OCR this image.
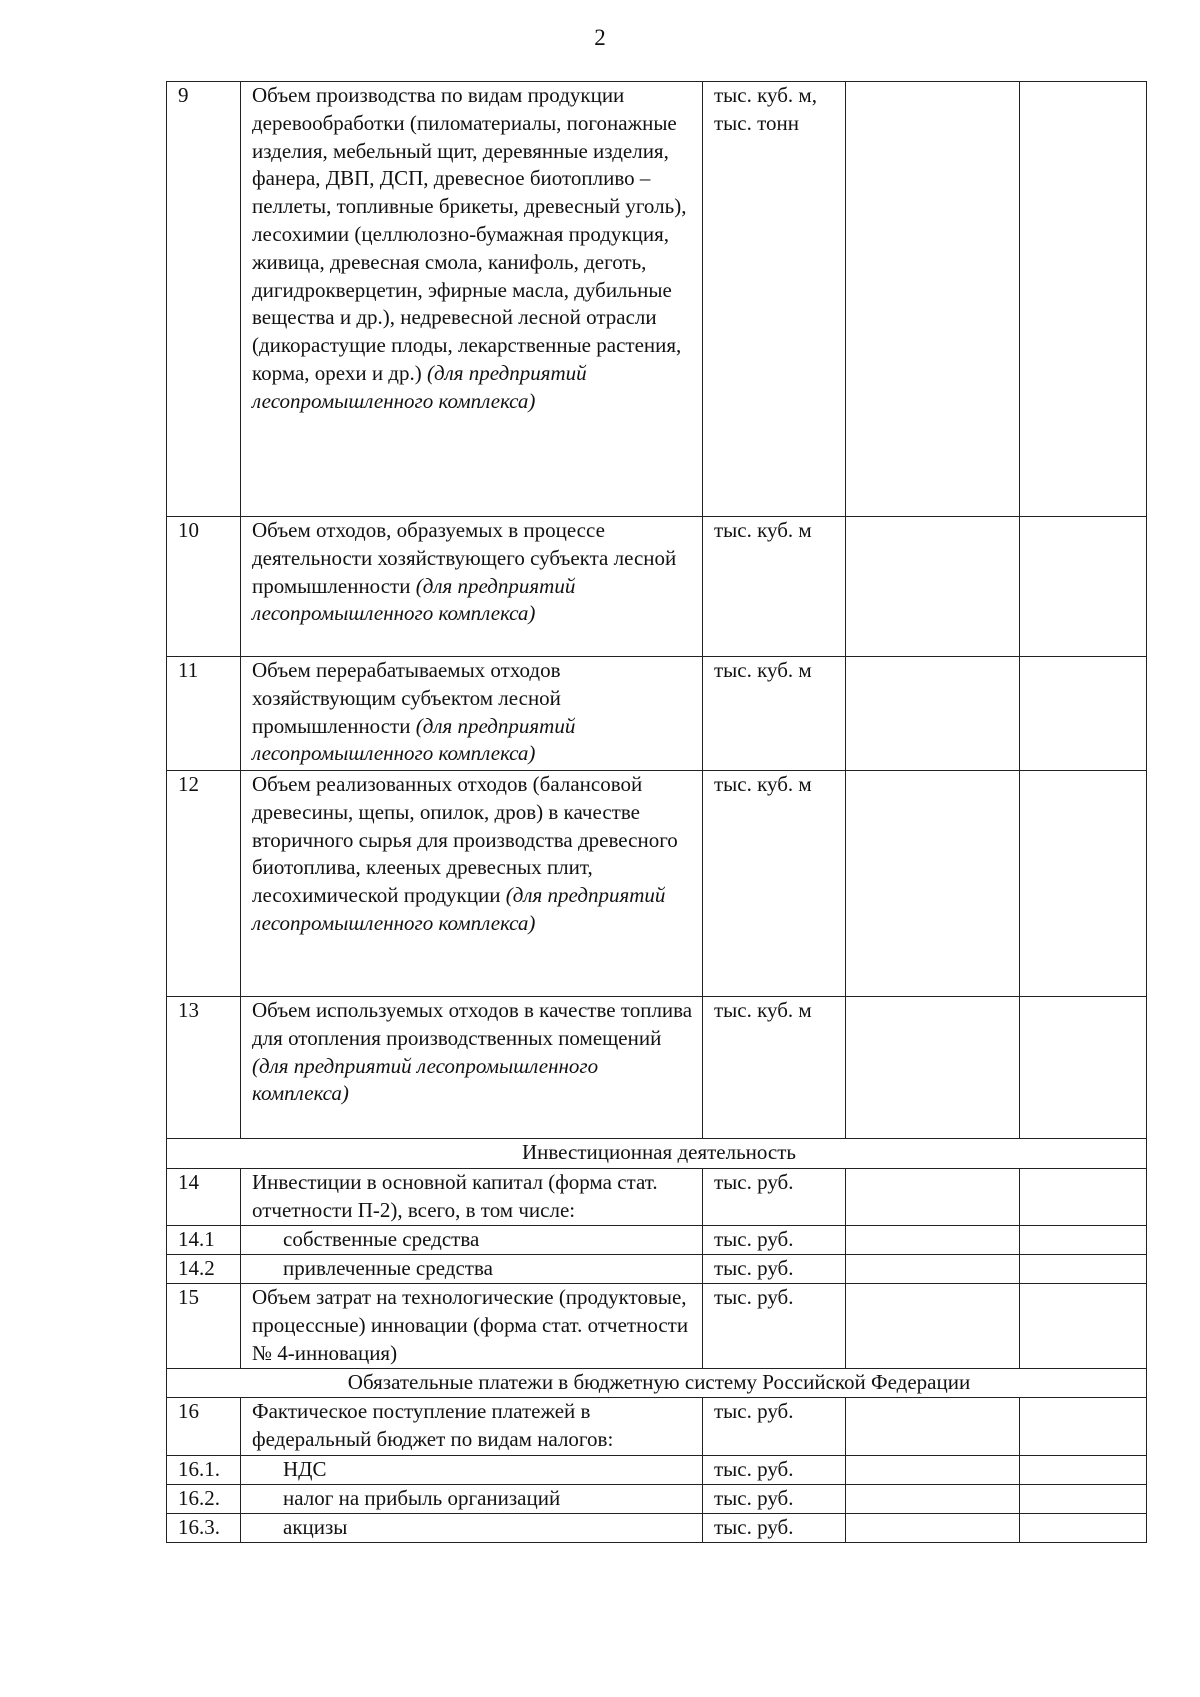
2
9	Объем производства по видам продукции деревообработки (пиломатериалы, погонажные изделия, мебельный щит, деревянные изделия, фанера, ДВП, ДСП, древесное биотопливо – пеллеты, топливные брикеты, древесный уголь), лесохимии (целлюлозно-бумажная продукция, живица, древесная смола, канифоль, деготь, дигидрокверцетин, эфирные масла, дубильные вещества и др.), недревесной лесной отрасли (дикорастущие плоды, лекарственные растения, корма, орехи и др.) (для предприятий лесопромышленного комплекса)	тыс. куб. м, тыс. тонн		
10	Объем отходов, образуемых в процессе деятельности хозяйствующего субъекта лесной промышленности (для предприятий лесопромышленного комплекса)	тыс. куб. м		
11	Объем перерабатываемых отходов хозяйствующим субъектом лесной промышленности (для предприятий лесопромышленного комплекса)	тыс. куб. м		
12	Объем реализованных отходов (балансовой древесины, щепы, опилок, дров) в качестве вторичного сырья для производства древесного биотоплива, клееных древесных плит, лесохимической продукции (для предприятий лесопромышленного комплекса)	тыс. куб. м		
13	Объем используемых отходов в качестве топлива для отопления производственных помещений (для предприятий лесопромышленного комплекса)	тыс. куб. м		
Инвестиционная деятельность				
14	Инвестиции в основной капитал (форма стат. отчетности П-2), всего, в том числе:	тыс. руб.		
14.1	собственные средства	тыс. руб.		
14.2	привлеченные средства	тыс. руб.		
15	Объем затрат на технологические (продуктовые, процессные) инновации (форма стат. отчетности № 4-инновация)	тыс. руб.		
Обязательные платежи в бюджетную систему Российской Федерации				
16	Фактическое поступление платежей в федеральный бюджет по видам налогов:	тыс. руб.		
16.1.	НДС	тыс. руб.		
16.2.	налог на прибыль организаций	тыс. руб.		
16.3.	акцизы	тыс. руб.		
